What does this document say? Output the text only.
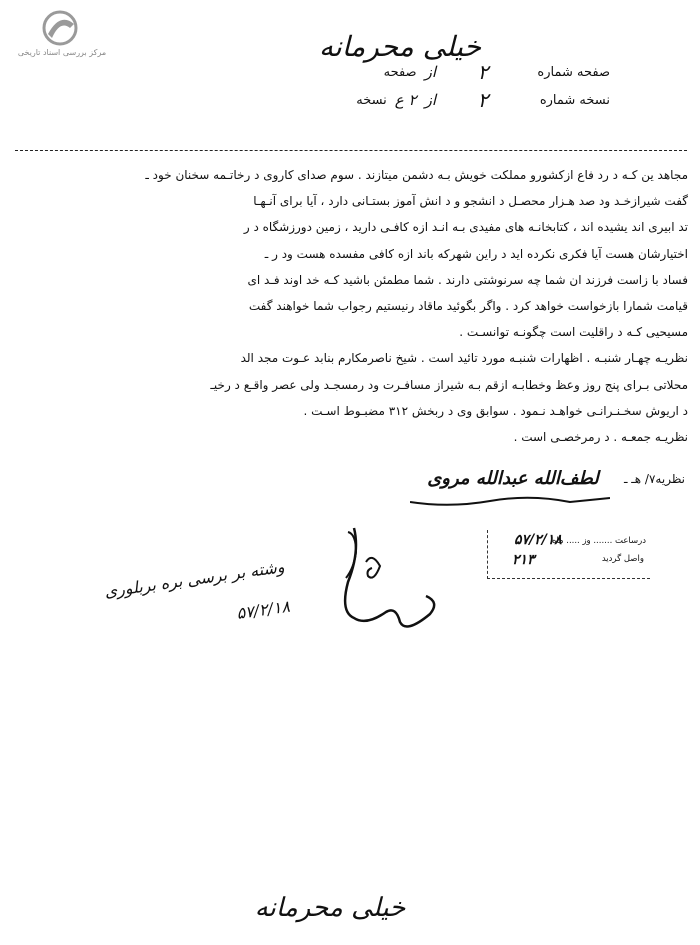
مرکز بررسی اسناد تاریخی	خیلی محرمانه
صفحه شماره
۲
از
صفحه
نسخه شماره
۲
از
۲ ع
نسخه

مجاهد ین کـه د رد فاع ازکشورو مملکت خویش بـه دشمن میتازند . سوم صدای کاروی د رخاتـمه سخنان خود ـ

گفت شیرازخـد ود صد هـزار محصـل د انشجو و د انش آموز بستـانی دارد ، آیا برای آنـهـا

تد ابیری اند یشیده اند ، کتابخانـه های مفیدی بـه انـد ازه کافـی دارید ، زمین دورزشگاه د ر

اختیارشان هست آیا فکری نکرده اید د راین شهرکه باند ازه کافی مفسده هست ود ر ـ

فساد با زاست فرزند ان شما چه سرنوشتی دارند . شما مطمئن باشید کـه خد اوند فـد ای

قیامت شمارا بازخواست خواهد کرد . واگر بگوئید ماقاد رنیستیم رجواب شما خواهند گفت

مسیحیی کـه د راقلیت است چگونـه توانسـت .

نظریـه چهـار شنبـه . اظهارات شنبـه مورد تائید است . شیخ ناصرمکارم بنابد عـوت مجد الد

محلاتی بـرای پنج روز وعظ وخطابـه ازقم بـه شیراز مسافـرت ود رمسجـد ولی عصر واقـع د رخیـ

د اریوش سخـنـرانـی خواهـد نـمود . سوابق وی د ربخش ۳۱۲ مضبـوط اسـت .

نظریـه جمعـه . د رمرخصـی است .

نظریه۷/ هـ ـ
لطف‌الله عبدالله مروی
درساعت ....... وز ..... ماه
واصل گردید
۵۷/۲/۱۸
۲۱۳
وشته بر برسی بره بربلوری
۵۷/۲/۱۸
خیلی محرمانه
